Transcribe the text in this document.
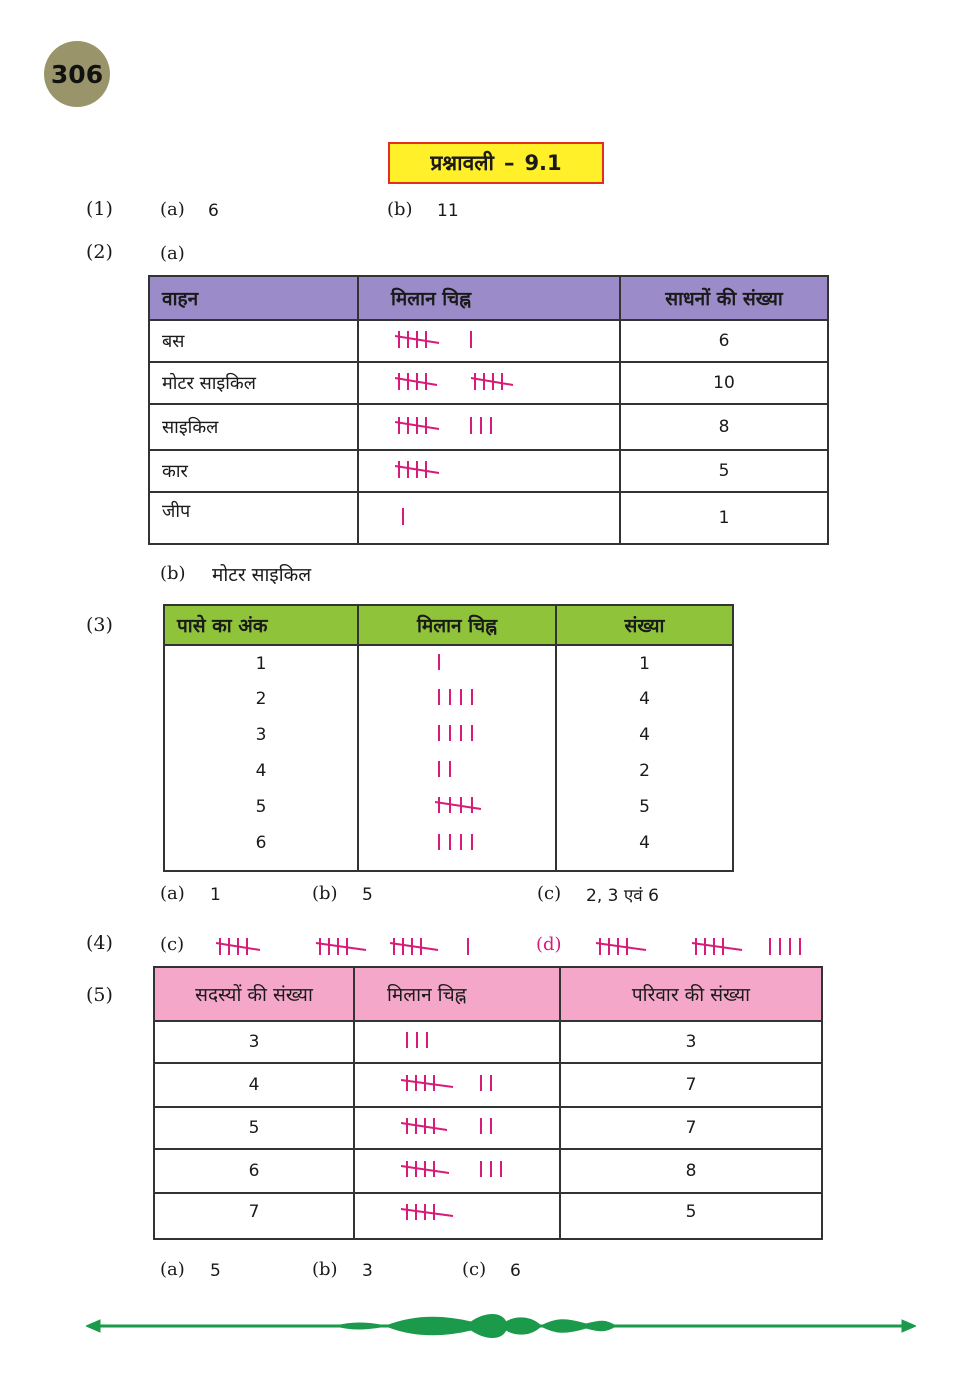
306
प्रश्नावली – 9.1
(1)	(a) 6	(b) 11
(2)	(a)
वाहन	मिलान चिह्न	साधनों की संख्या
बस		6
मोटर साइकिल		10
साइकिल		8
कार		5
जीप		1
(b) मोटर साइकिल
(3)	पासे का अंक	मिलान चिह्न	संख्या
1		1
2		4
3		4
4		2
5		5
6		4
(a) 1	(b) 5	(c) 2, 3 एवं 6
(4)	(c)	(d)
(5)	सदस्यों की संख्या	मिलान चिह्न	परिवार की संख्या
3		3
4		7
5		7
6		8
7		5
(a) 5	(b) 3	(c) 6
